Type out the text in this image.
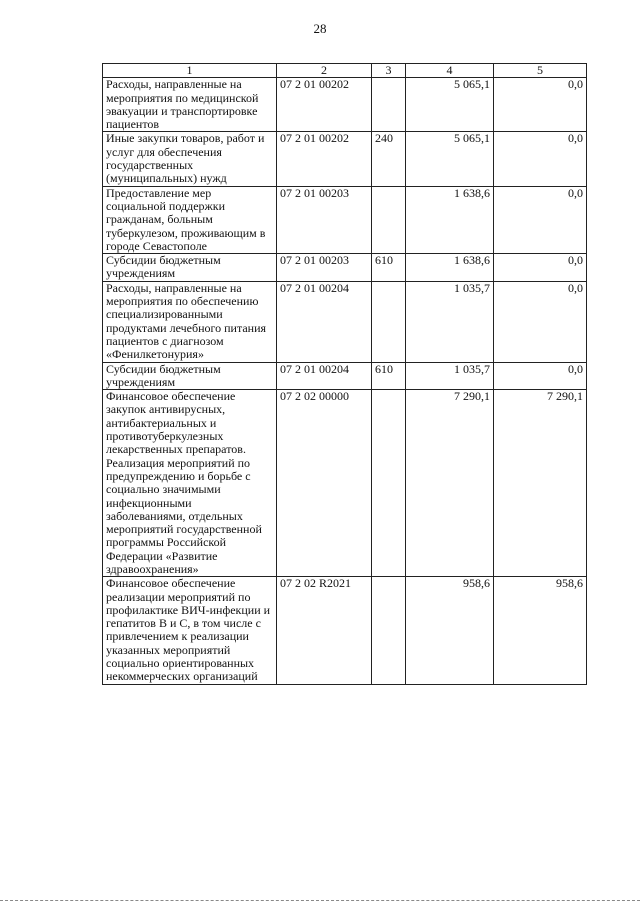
28
1	2	3	4	5
Расходы, направленные на мероприятия по медицинской эвакуации и транспортировке пациентов	07 2 01 00202		5 065,1	0,0
Иные закупки товаров, работ и услуг для обеспечения государственных (муниципальных) нужд	07 2 01 00202	240	5 065,1	0,0
Предоставление мер социальной поддержки гражданам, больным туберкулезом, проживающим в городе Севастополе	07 2 01 00203		1 638,6	0,0
Субсидии бюджетным учреждениям	07 2 01 00203	610	1 638,6	0,0
Расходы, направленные на мероприятия по обеспечению специализированными продуктами лечебного питания пациентов с диагнозом «Фенилкетонурия»	07 2 01 00204		1 035,7	0,0
Субсидии бюджетным учреждениям	07 2 01 00204	610	1 035,7	0,0
Финансовое обеспечение закупок антивирусных, антибактериальных и противотуберкулезных лекарственных препаратов. Реализация мероприятий по предупреждению и борьбе с социально значимыми инфекционными заболеваниями, отдельных мероприятий государственной программы Российской Федерации «Развитие здравоохранения»	07 2 02 00000		7 290,1	7 290,1
Финансовое обеспечение реализации мероприятий по профилактике ВИЧ-инфекции и гепатитов В и С, в том числе с привлечением к реализации указанных мероприятий социально ориентированных некоммерческих организаций	07 2 02 R2021		958,6	958,6
